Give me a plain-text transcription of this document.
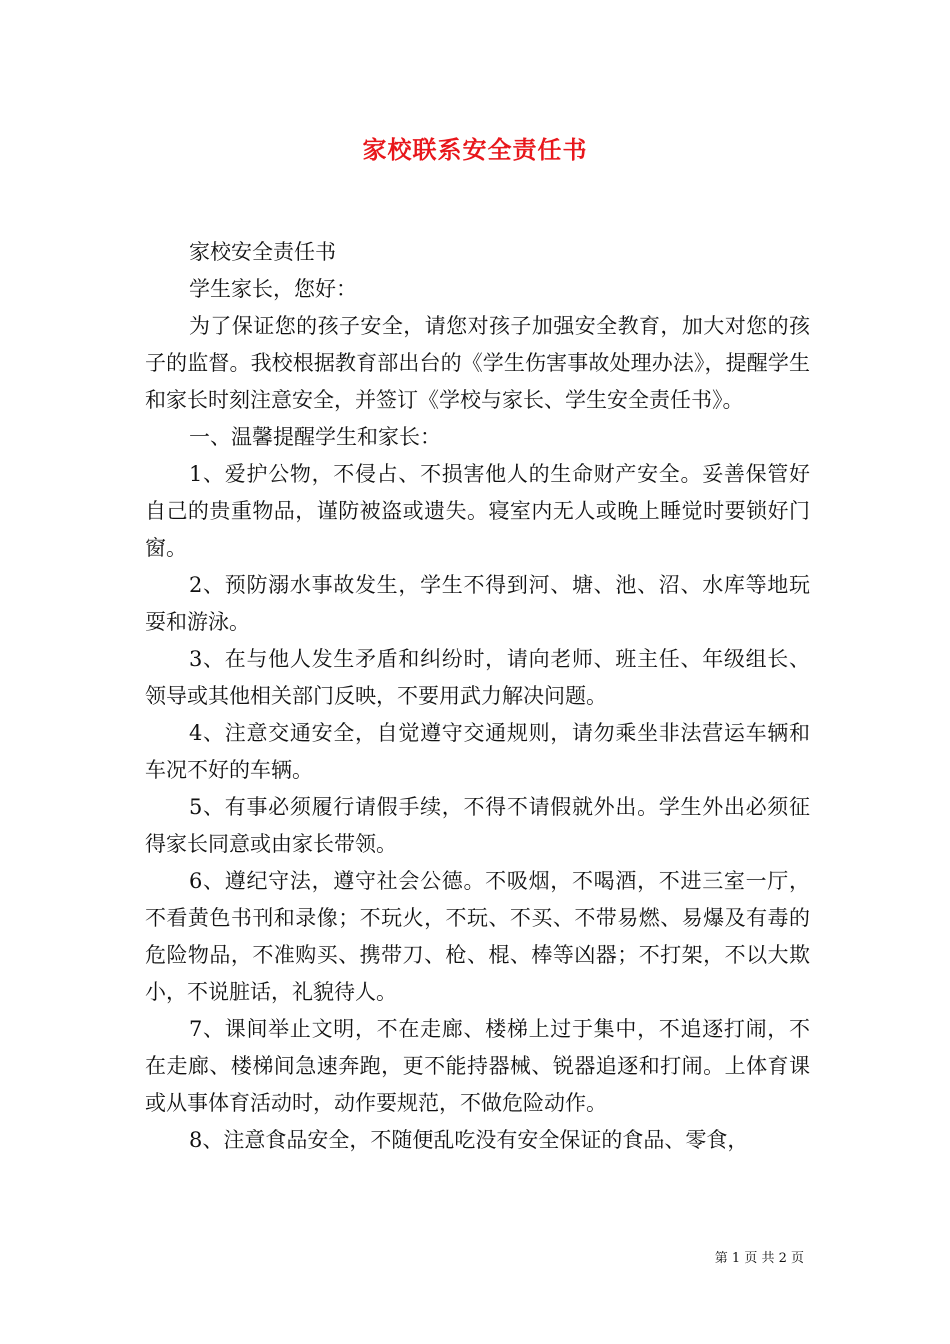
家校联系安全责任书

家校安全责任书

学生家长，您好：

为了保证您的孩子安全，请您对孩子加强安全教育，加大对您的孩子的监督。我校根据教育部出台的《学生伤害事故处理办法》，提醒学生和家长时刻注意安全，并签订《学校与家长、学生安全责任书》。

一、温馨提醒学生和家长：

1、爱护公物，不侵占、不损害他人的生命财产安全。妥善保管好自己的贵重物品，谨防被盗或遗失。寝室内无人或晚上睡觉时要锁好门窗。

2、预防溺水事故发生，学生不得到河、塘、池、沼、水库等地玩耍和游泳。

3、在与他人发生矛盾和纠纷时，请向老师、班主任、年级组长、领导或其他相关部门反映，不要用武力解决问题。

4、注意交通安全，自觉遵守交通规则，请勿乘坐非法营运车辆和车况不好的车辆。

5、有事必须履行请假手续，不得不请假就外出。学生外出必须征得家长同意或由家长带领。

6、遵纪守法，遵守社会公德。不吸烟，不喝酒，不进三室一厅，不看黄色书刊和录像；不玩火，不玩、不买、不带易燃、易爆及有毒的危险物品，不准购买、携带刀、枪、棍、棒等凶器；不打架，不以大欺小，不说脏话，礼貌待人。

7、课间举止文明，不在走廊、楼梯上过于集中，不追逐打闹，不在走廊、楼梯间急速奔跑，更不能持器械、锐器追逐和打闹。上体育课或从事体育活动时，动作要规范，不做危险动作。

8、注意食品安全，不随便乱吃没有安全保证的食品、零食，

第 1 页 共 2 页
